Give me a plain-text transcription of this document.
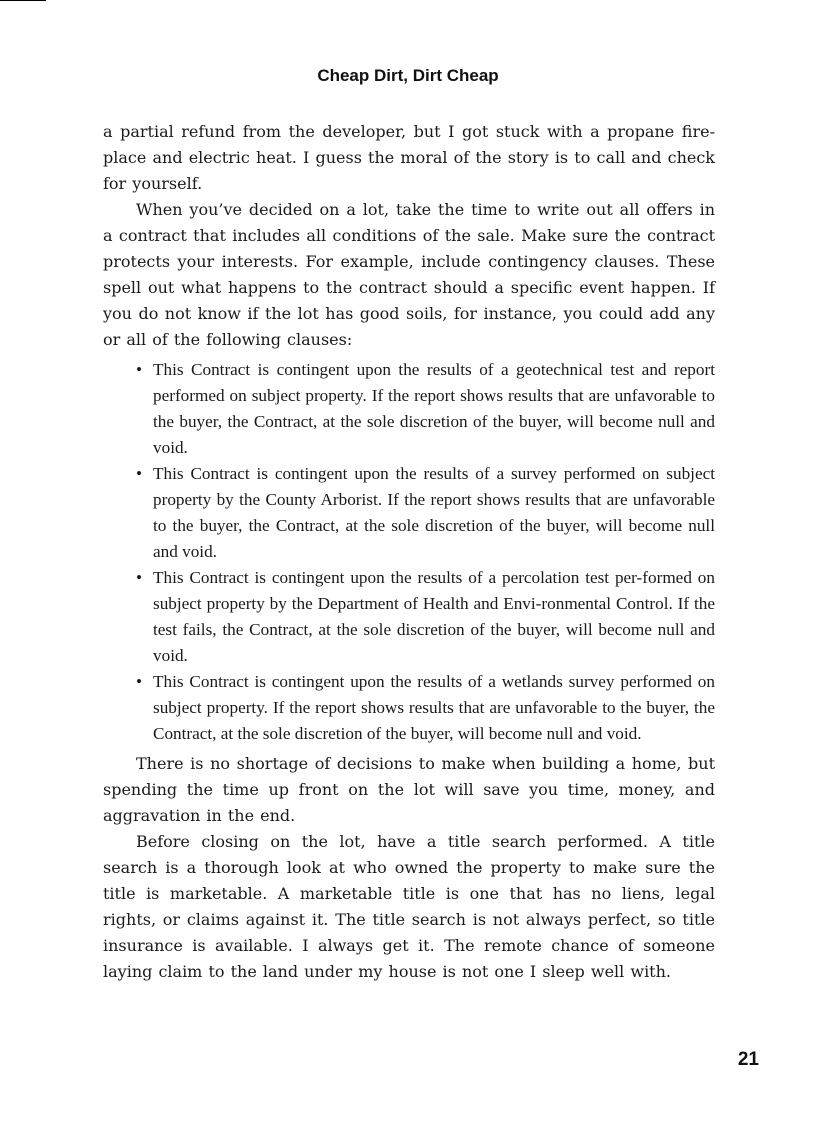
Cheap Dirt, Dirt Cheap

a partial refund from the developer, but I got stuck with a propane fire-place and electric heat. I guess the moral of the story is to call and check for yourself.

When you’ve decided on a lot, take the time to write out all offers in a contract that includes all conditions of the sale. Make sure the contract protects your interests. For example, include contingency clauses. These spell out what happens to the contract should a specific event happen. If you do not know if the lot has good soils, for instance, you could add any or all of the following clauses:

• This Contract is contingent upon the results of a geotechnical test and report performed on subject property. If the report shows results that are unfavorable to the buyer, the Contract, at the sole discretion of the buyer, will become null and void.
• This Contract is contingent upon the results of a survey performed on subject property by the County Arborist. If the report shows results that are unfavorable to the buyer, the Contract, at the sole discretion of the buyer, will become null and void.
• This Contract is contingent upon the results of a percolation test per-formed on subject property by the Department of Health and Envi-ronmental Control. If the test fails, the Contract, at the sole discretion of the buyer, will become null and void.
• This Contract is contingent upon the results of a wetlands survey performed on subject property. If the report shows results that are unfavorable to the buyer, the Contract, at the sole discretion of the buyer, will become null and void.

There is no shortage of decisions to make when building a home, but spending the time up front on the lot will save you time, money, and aggravation in the end.

Before closing on the lot, have a title search performed. A title search is a thorough look at who owned the property to make sure the title is marketable. A marketable title is one that has no liens, legal rights, or claims against it. The title search is not always perfect, so title insurance is available. I always get it. The remote chance of someone laying claim to the land under my house is not one I sleep well with.

21
